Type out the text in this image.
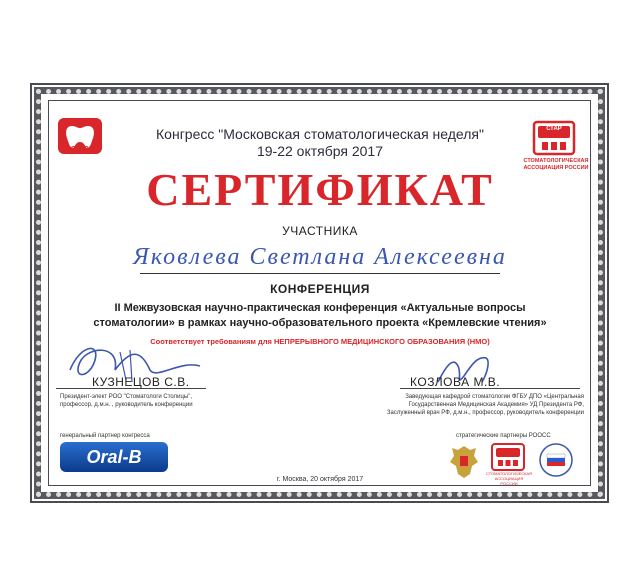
РООСС
СтАР
СТОМАТОЛОГИЧЕСКАЯ АССОЦИАЦИЯ РОССИИ
Конгресс "Московская стоматологическая неделя"
19-22 октября 2017
СЕРТИФИКАТ
УЧАСТНИКА
Яковлева Светлана Алексеевна
КОНФЕРЕНЦИЯ
II Межвузовская научно-практическая конференция «Актуальные вопросы
стоматологии» в рамках научно-образовательного проекта «Кремлевские чтения»
Соответствует требованиям для НЕПРЕРЫВНОГО МЕДИЦИНСКОГО ОБРАЗОВАНИЯ (НМО)
КУЗНЕЦОВ С.В.
Президент-элект РОО "Стоматологи Столицы",
профессор, д.м.н. , руководитель конференции
КОЗЛОВА М.В.
Заведующая кафедрой стоматологии ФГБУ ДПО «Центральная
Государственная Медицинская Академия» УД Президента РФ,
Заслуженный врач РФ, д.м.н., профессор, руководитель конференции
генеральный партнер конгресса
Oral-B
г. Москва, 20 октября 2017
стратегические партнеры РООСС
СТОМАТОЛОГИЧЕСКАЯ АССОЦИАЦИЯ РОССИИ
